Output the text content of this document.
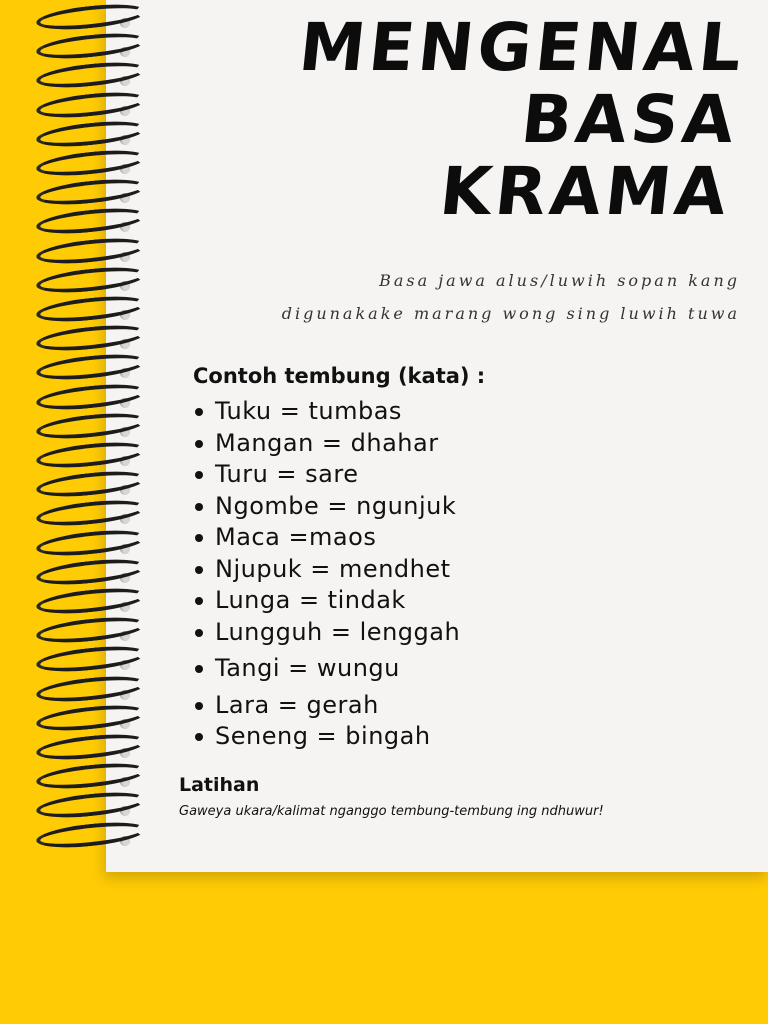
MENGENAL
BASA
KRAMA
Basa jawa alus/luwih sopan kang
digunakake marang wong sing luwih tuwa
Contoh tembung (kata) :
Tuku = tumbas
Mangan = dhahar
Turu = sare
Ngombe = ngunjuk
Maca =maos
Njupuk = mendhet
Lunga = tindak
Lungguh = lenggah
Tangi = wungu
Lara = gerah
Seneng = bingah
Latihan
Gaweya ukara/kalimat nganggo tembung-tembung ing ndhuwur!
